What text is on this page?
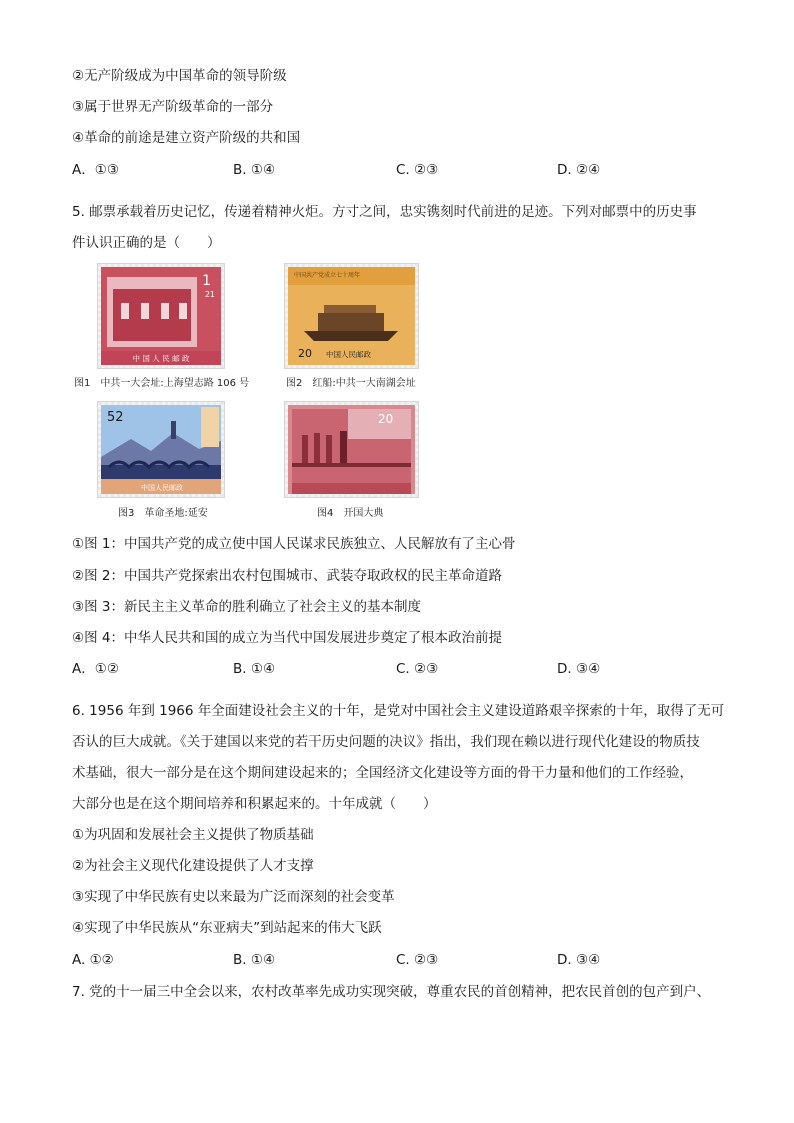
②无产阶级成为中国革命的领导阶级
③属于世界无产阶级革命的一部分
④革命的前途是建立资产阶级的共和国
A．①③	B. ①④	C. ②③	D. ②④
5. 邮票承载着历史记忆，传递着精神火炬。方寸之间，忠实镌刻时代前进的足迹。下列对邮票中的历史事
件认识正确的是（　　）
1
21
中 国 人 民 邮 政
图1　中共一大会址:上海望志路 106 号
中国共产党成立七十周年
20 中国人民邮政
图2　红船:中共一大南湖会址
52
中国人民邮政
图3　革命圣地:延安
20
图4　开国大典
①图 1：中国共产党的成立使中国人民谋求民族独立、人民解放有了主心骨
②图 2：中国共产党探索出农村包围城市、武装夺取政权的民主革命道路
③图 3：新民主主义革命的胜利确立了社会主义的基本制度
④图 4：中华人民共和国的成立为当代中国发展进步奠定了根本政治前提
A．①②	B. ①④	C. ②③	D. ③④
6. 1956 年到 1966 年全面建设社会主义的十年，是党对中国社会主义建设道路艰辛探索的十年，取得了无可
否认的巨大成就。《关于建国以来党的若干历史问题的决议》指出，我们现在赖以进行现代化建设的物质技
术基础，很大一部分是在这个期间建设起来的；全国经济文化建设等方面的骨干力量和他们的工作经验，
大部分也是在这个期间培养和积累起来的。十年成就（　　）
①为巩固和发展社会主义提供了物质基础
②为社会主义现代化建设提供了人才支撑
③实现了中华民族有史以来最为广泛而深刻的社会变革
④实现了中华民族从“东亚病夫”到站起来的伟大飞跃
A. ①②	B. ①④	C. ②③	D. ③④
7. 党的十一届三中全会以来，农村改革率先成功实现突破，尊重农民的首创精神，把农民首创的包产到户、
